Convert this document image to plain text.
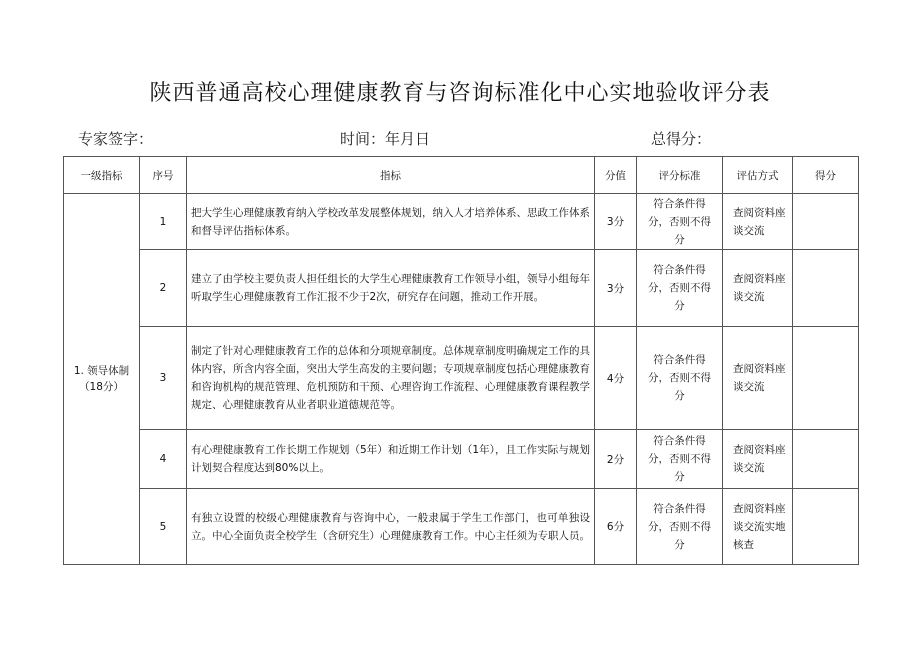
陕西普通高校心理健康教育与咨询标准化中心实地验收评分表
专家签字：	时间：年月日	总得分：
一级指标	序号	指标	分值	评分标准	评估方式	得分
1. 领导体制（18分）	1	把大学生心理健康教育纳入学校改革发展整体规划，纳入人才培养体系、思政工作体系和督导评估指标体系。	3分	符合条件得分，否则不得分	查阅资料座谈交流	
	2	建立了由学校主要负责人担任组长的大学生心理健康教育工作领导小组，领导小组每年听取学生心理健康教育工作汇报不少于2次，研究存在问题，推动工作开展。	3分	符合条件得分，否则不得分	查阅资料座谈交流	
	3	制定了针对心理健康教育工作的总体和分项规章制度。总体规章制度明确规定工作的具体内容，所含内容全面，突出大学生高发的主要问题；专项规章制度包括心理健康教育和咨询机构的规范管理、危机预防和干预、心理咨询工作流程、心理健康教育课程教学规定、心理健康教育从业者职业道德规范等。	4分	符合条件得分，否则不得分	查阅资料座谈交流	
	4	有心理健康教育工作长期工作规划（5年）和近期工作计划（1年），且工作实际与规划计划契合程度达到80%以上。	2分	符合条件得分，否则不得分	查阅资料座谈交流	
	5	有独立设置的校级心理健康教育与咨询中心，一般隶属于学生工作部门，也可单独设立。中心全面负责全校学生（含研究生）心理健康教育工作。中心主任须为专职人员。	6分	符合条件得分，否则不得分	查阅资料座谈交流实地核查	
